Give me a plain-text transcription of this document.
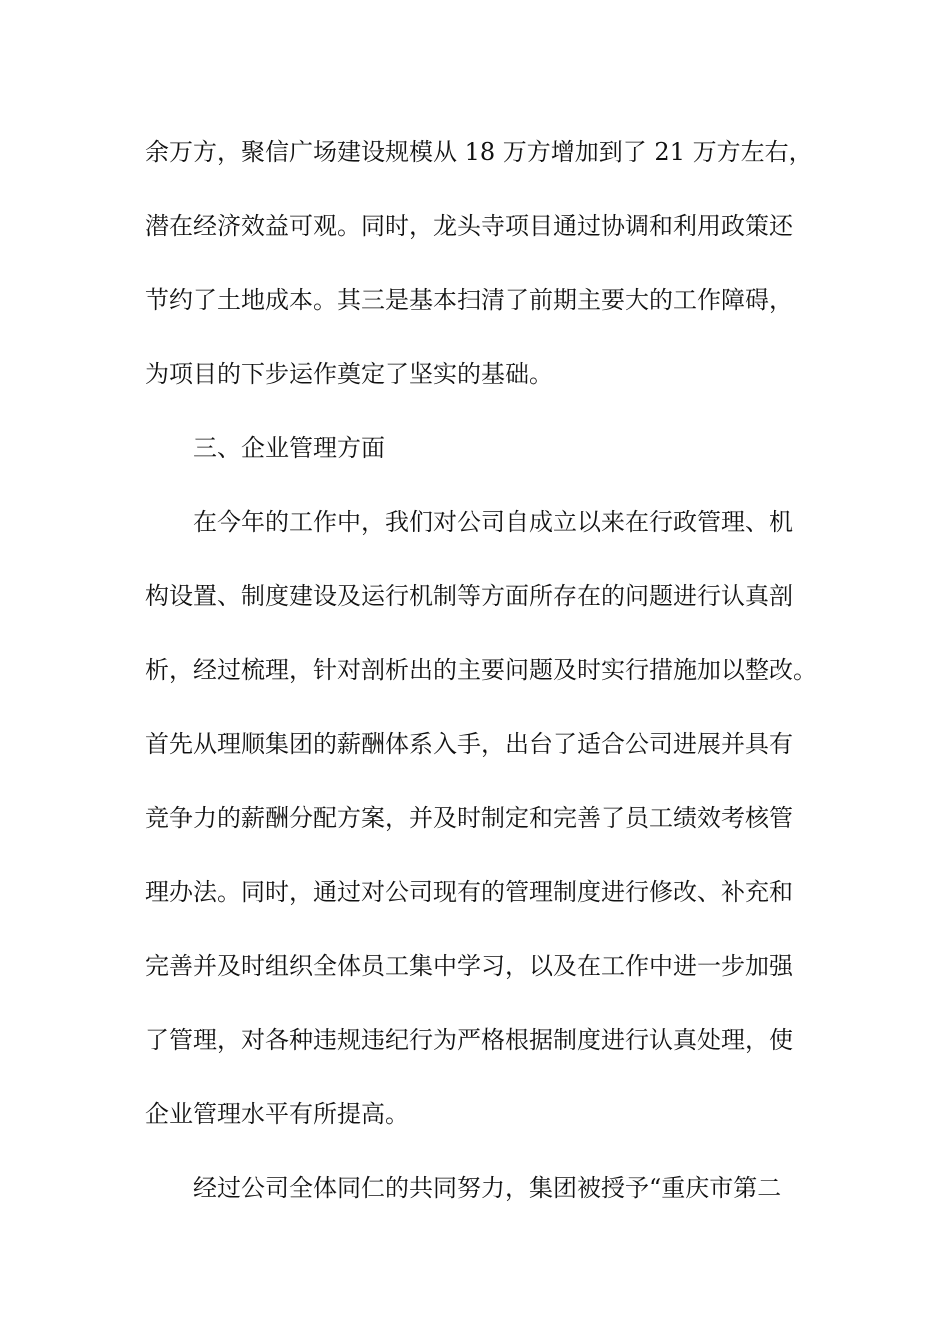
余万方，聚信广场建设规模从 18 万方增加到了 21 万方左右，

潜在经济效益可观。同时，龙头寺项目通过协调和利用政策还

节约了土地成本。其三是基本扫清了前期主要大的工作障碍，

为项目的下步运作奠定了坚实的基础。

三、企业管理方面

在今年的工作中，我们对公司自成立以来在行政管理、机

构设置、制度建设及运行机制等方面所存在的问题进行认真剖

析，经过梳理，针对剖析出的主要问题及时实行措施加以整改。

首先从理顺集团的薪酬体系入手，出台了适合公司进展并具有

竞争力的薪酬分配方案，并及时制定和完善了员工绩效考核管

理办法。同时，通过对公司现有的管理制度进行修改、补充和

完善并及时组织全体员工集中学习，以及在工作中进一步加强

了管理，对各种违规违纪行为严格根据制度进行认真处理，使

企业管理水平有所提高。

经过公司全体同仁的共同努力，集团被授予“重庆市第二
